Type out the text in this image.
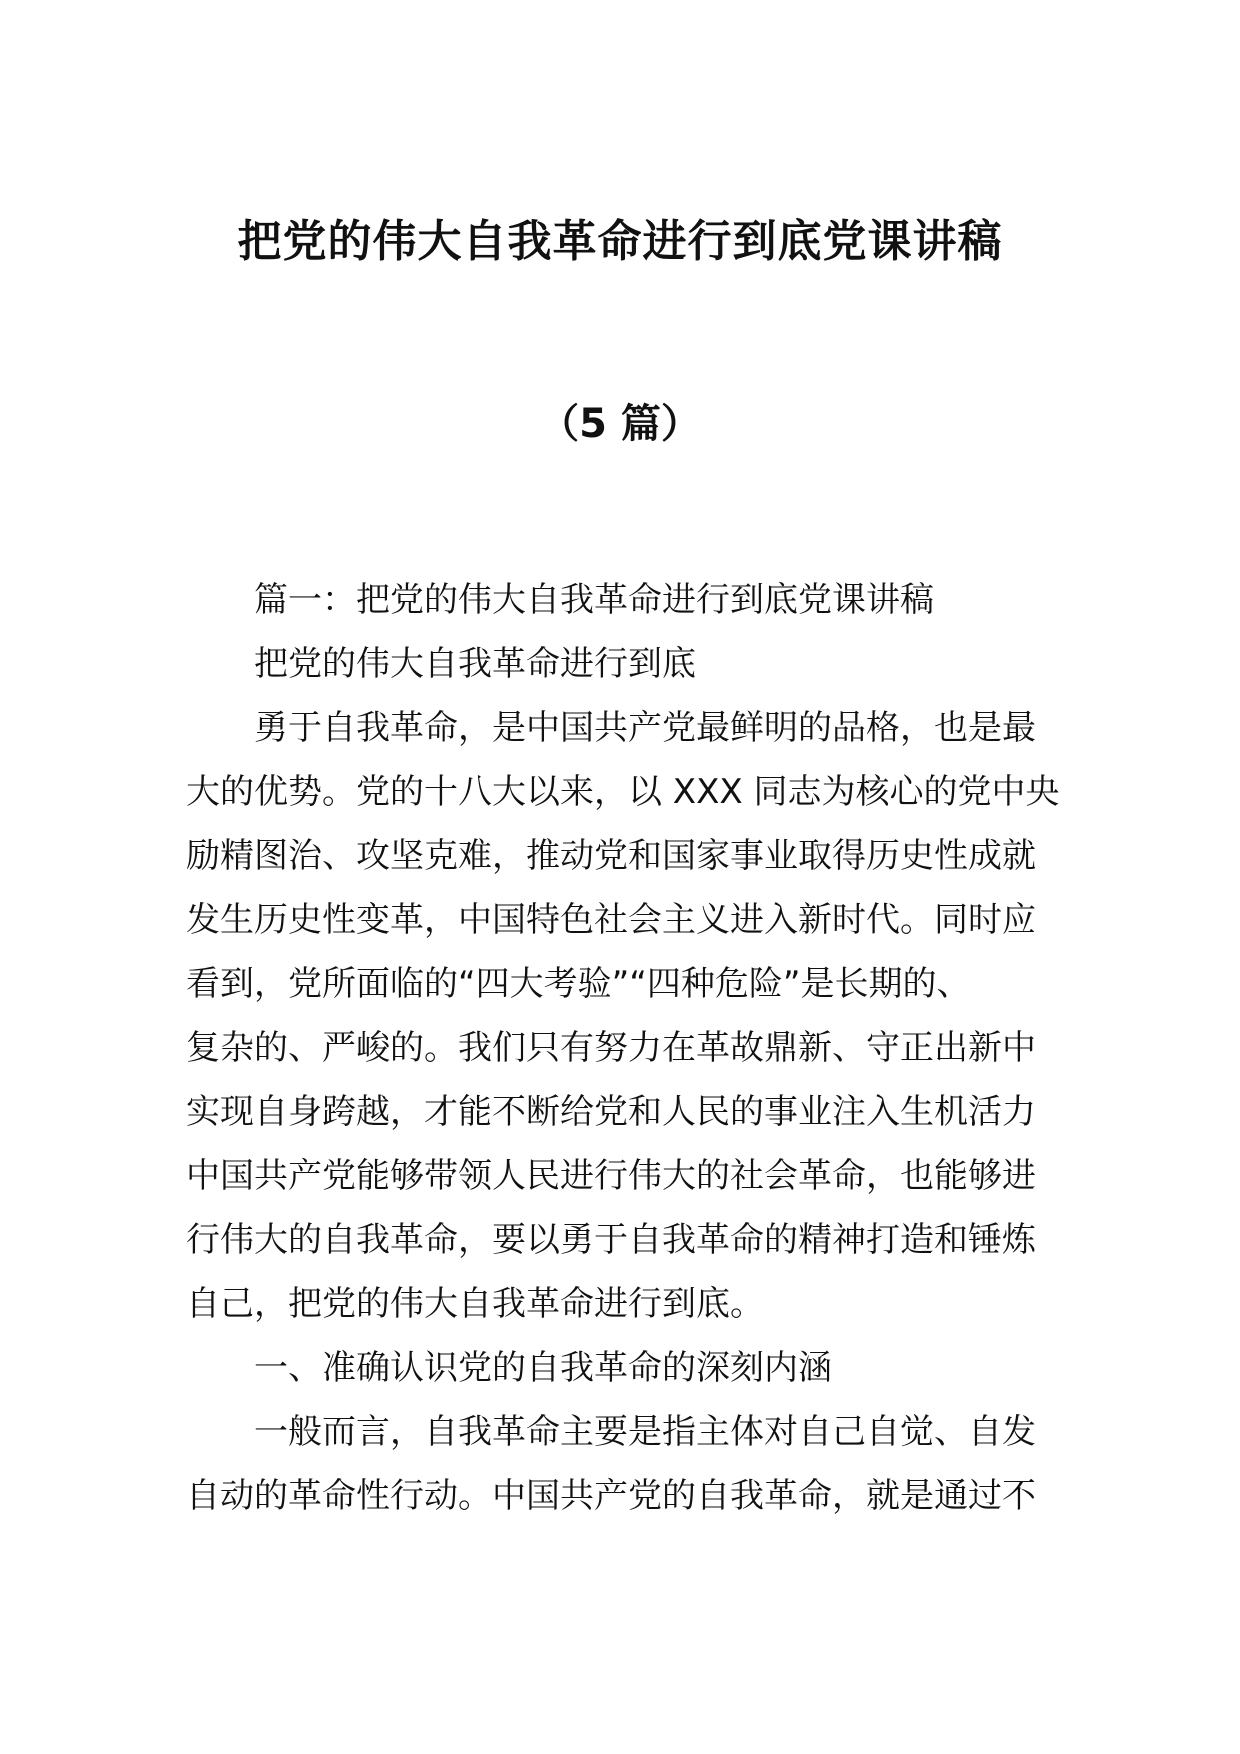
把党的伟大自我革命进行到底党课讲稿
（5 篇）
篇一：把党的伟大自我革命进行到底党课讲稿
把党的伟大自我革命进行到底
勇于自我革命，是中国共产党最鲜明的品格，也是最
大的优势。党的十八大以来，以 XXX 同志为核心的党中央
励精图治、攻坚克难，推动党和国家事业取得历史性成就
发生历史性变革，中国特色社会主义进入新时代。同时应
看到，党所面临的“四大考验”“四种危险”是长期的、
复杂的、严峻的。我们只有努力在革故鼎新、守正出新中
实现自身跨越，才能不断给党和人民的事业注入生机活力
中国共产党能够带领人民进行伟大的社会革命，也能够进
行伟大的自我革命，要以勇于自我革命的精神打造和锤炼
自己，把党的伟大自我革命进行到底。
一、准确认识党的自我革命的深刻内涵
一般而言，自我革命主要是指主体对自己自觉、自发
自动的革命性行动。中国共产党的自我革命，就是通过不
